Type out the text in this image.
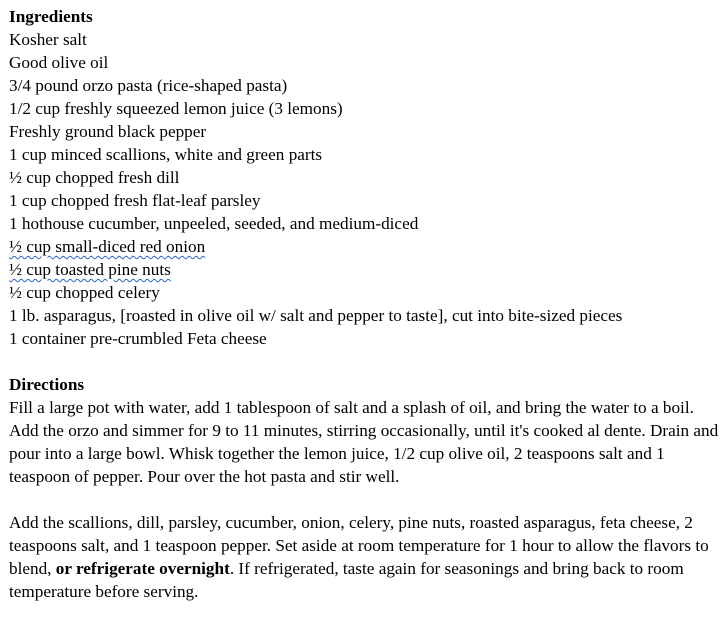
Ingredients
Kosher salt
Good olive oil
3/4 pound orzo pasta (rice-shaped pasta)
1/2 cup freshly squeezed lemon juice (3 lemons)
Freshly ground black pepper
1 cup minced scallions, white and green parts
½ cup chopped fresh dill
1 cup chopped fresh flat-leaf parsley
1 hothouse cucumber, unpeeled, seeded, and medium-diced
½ cup small-diced red onion
½ cup toasted pine nuts
½ cup chopped celery
1 lb. asparagus, [roasted in olive oil w/ salt and pepper to taste], cut into bite-sized pieces
1 container pre-crumbled Feta cheese
Directions

Fill a large pot with water, add 1 tablespoon of salt and a splash of oil, and bring the water to a boil. Add the orzo and simmer for 9 to 11 minutes, stirring occasionally, until it's cooked al dente. Drain and pour into a large bowl. Whisk together the lemon juice, 1/2 cup olive oil, 2 teaspoons salt and 1 teaspoon of pepper. Pour over the hot pasta and stir well.

Add the scallions, dill, parsley, cucumber, onion, celery, pine nuts, roasted asparagus, feta cheese, 2 teaspoons salt, and 1 teaspoon pepper. Set aside at room temperature for 1 hour to allow the flavors to blend, or refrigerate overnight. If refrigerated, taste again for seasonings and bring back to room temperature before serving.
